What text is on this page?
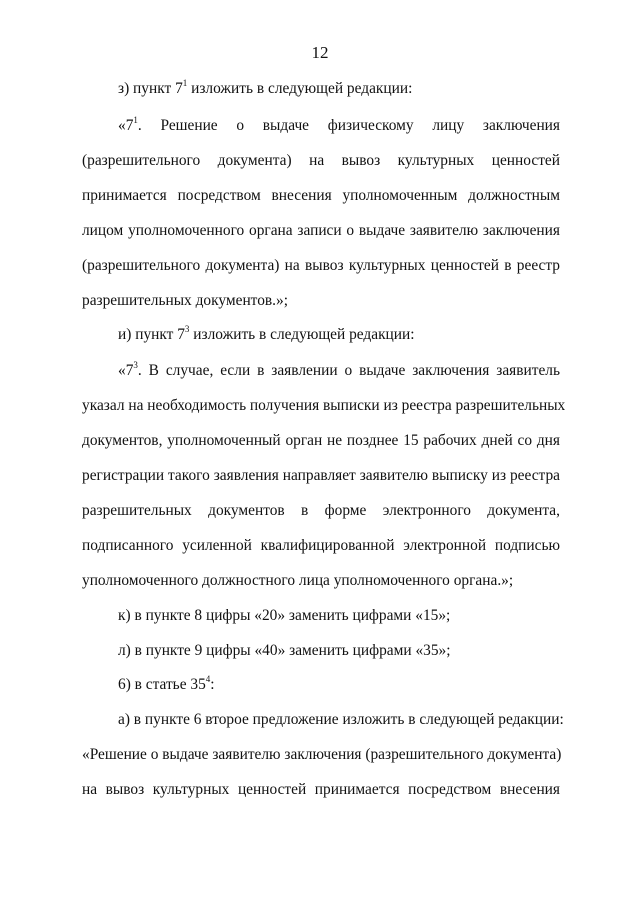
12
з) пункт $7^1$ изложить в следующей редакции:
«$7^1$. Решение о выдаче физическому лицу заключения
(разрешительного документа) на вывоз культурных ценностей
принимается посредством внесения уполномоченным должностным
лицом уполномоченного органа записи о выдаче заявителю заключения
(разрешительного документа) на вывоз культурных ценностей в реестр
разрешительных документов.»;
и) пункт $7^3$ изложить в следующей редакции:
«$7^3$. В случае, если в заявлении о выдаче заключения заявитель
указал на необходимость получения выписки из реестра разрешительных
документов, уполномоченный орган не позднее 15 рабочих дней со дня
регистрации такого заявления направляет заявителю выписку из реестра
разрешительных документов в форме электронного документа,
подписанного усиленной квалифицированной электронной подписью
уполномоченного должностного лица уполномоченного органа.»;
к) в пункте 8 цифры «20» заменить цифрами «15»;
л) в пункте 9 цифры «40» заменить цифрами «35»;
6) в статье $35^4$:
а) в пункте 6 второе предложение изложить в следующей редакции:
«Решение о выдаче заявителю заключения (разрешительного документа)
на вывоз культурных ценностей принимается посредством внесения
